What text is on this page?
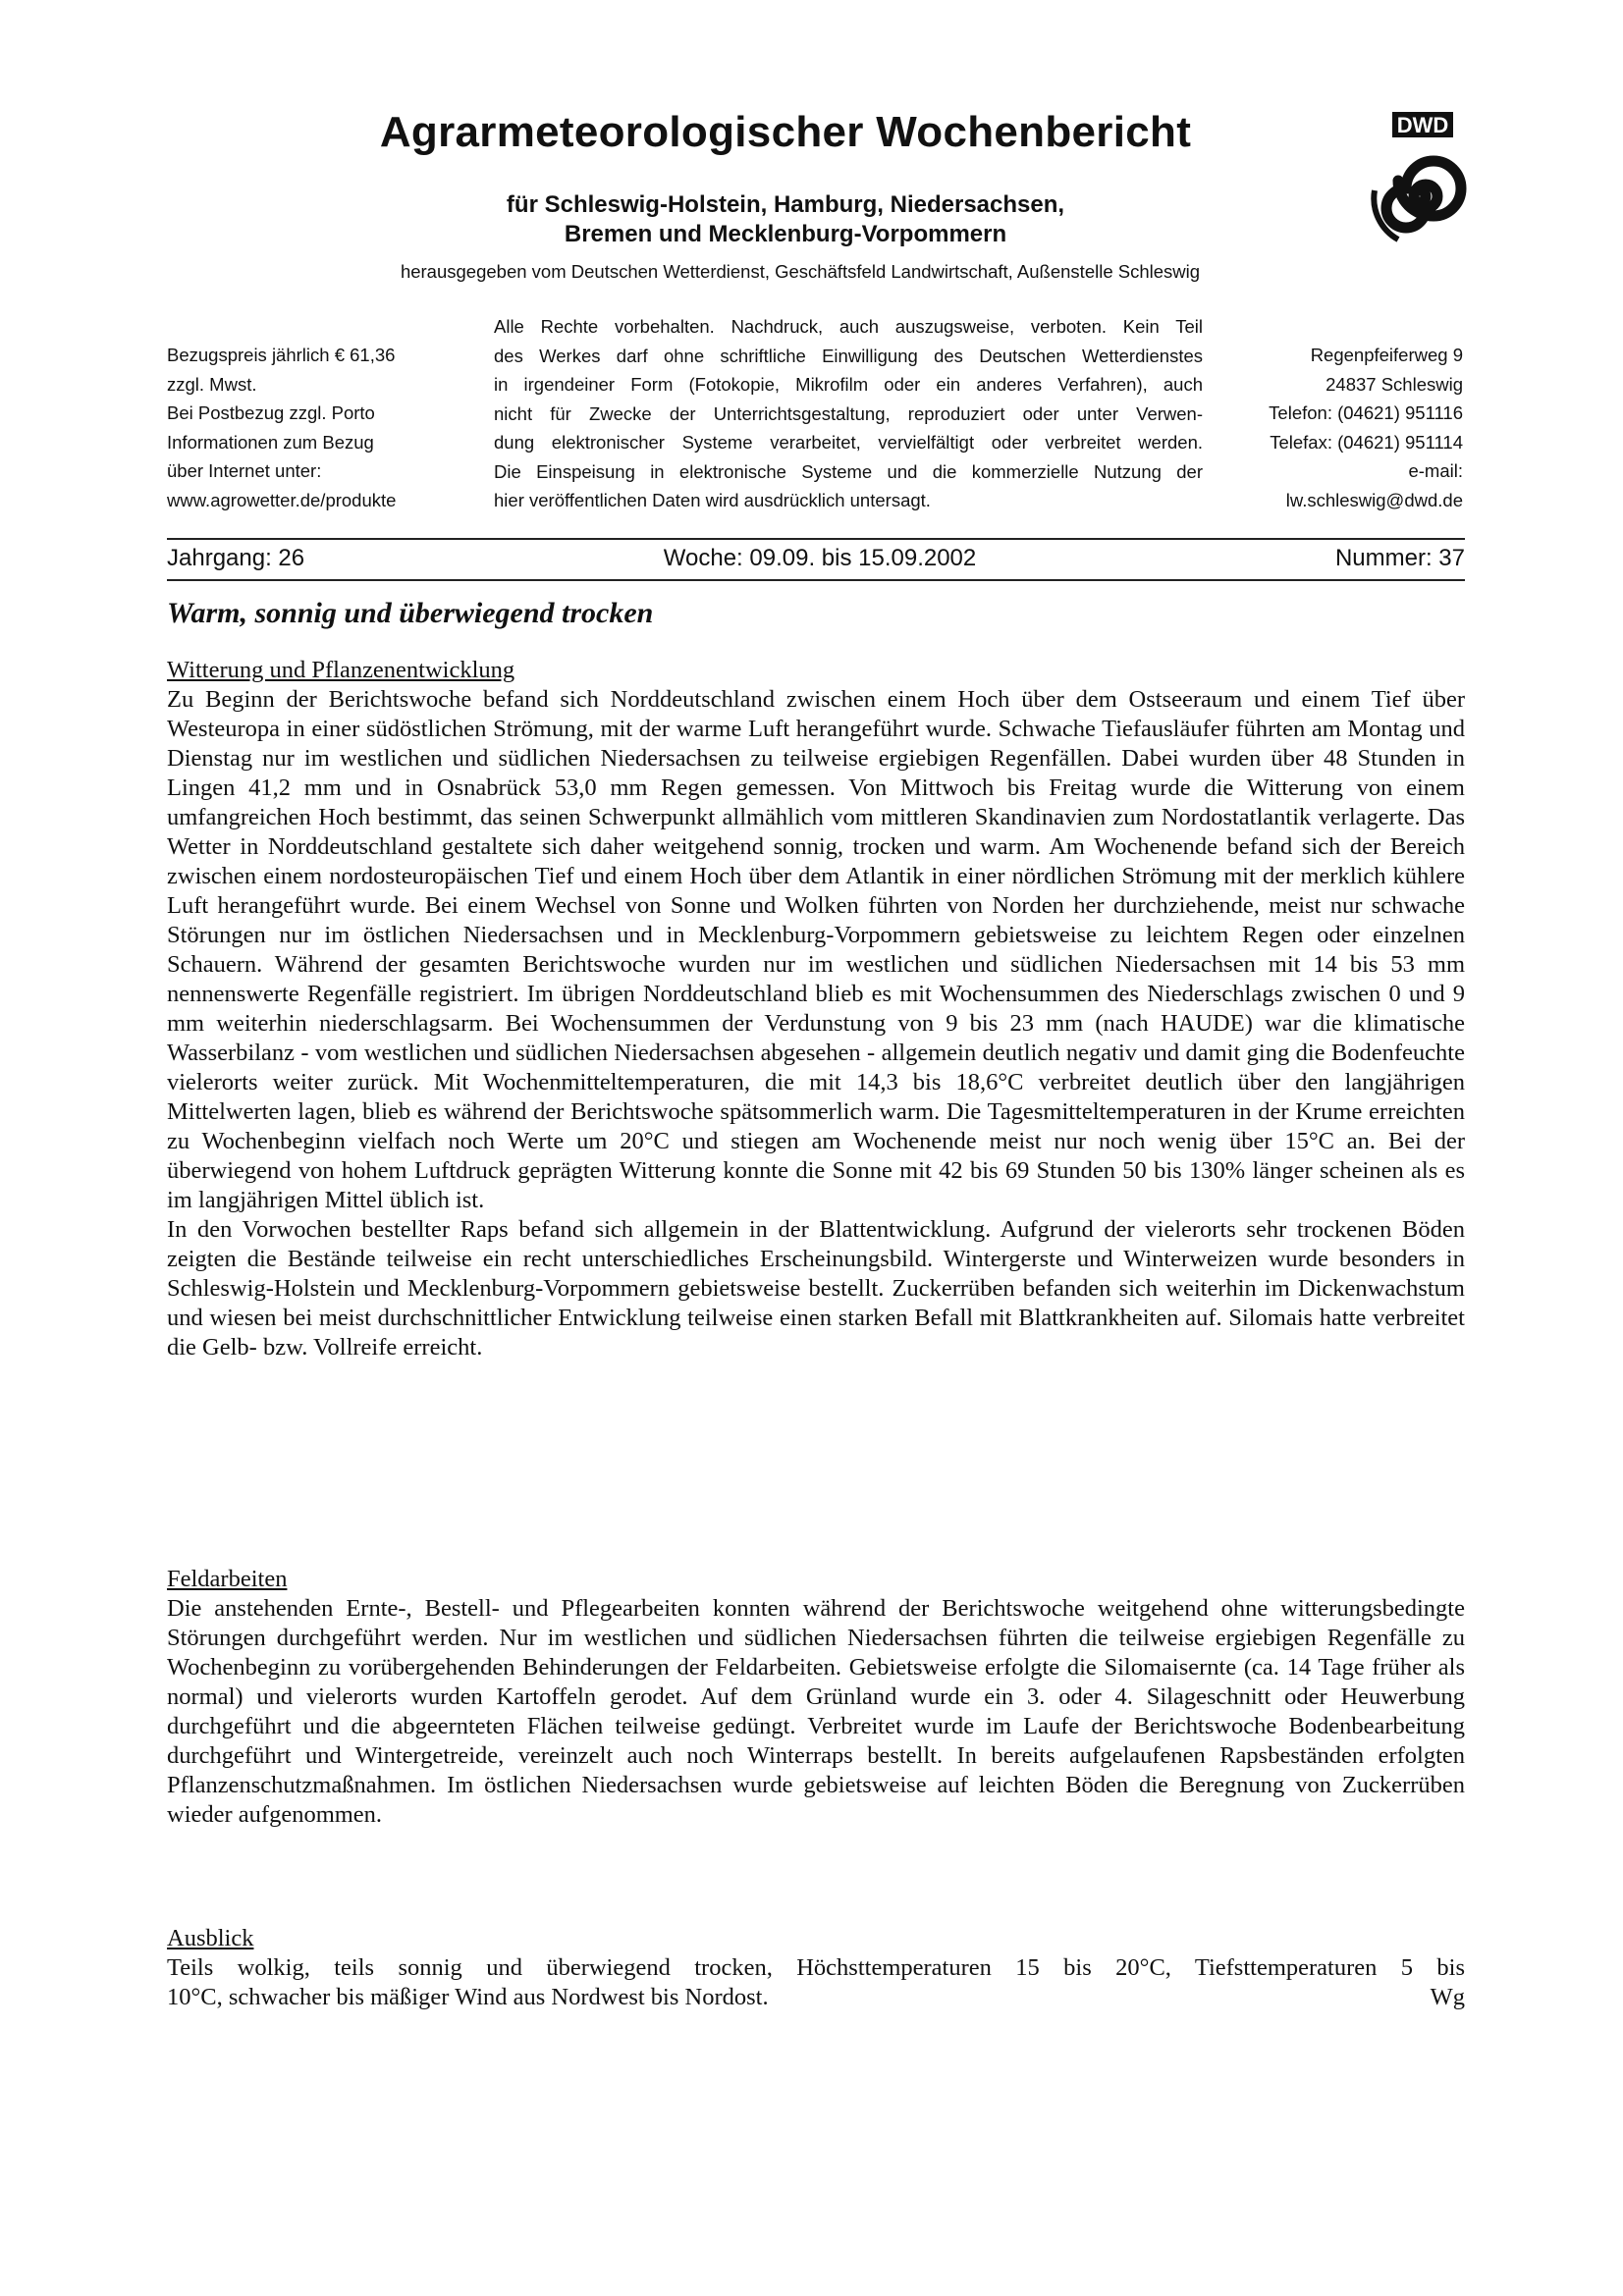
Agrarmeteorologischer Wochenbericht
für Schleswig-Holstein, Hamburg, Niedersachsen,
Bremen und Mecklenburg-Vorpommern
herausgegeben vom Deutschen Wetterdienst, Geschäftsfeld Landwirtschaft, Außenstelle Schleswig
DWD
Bezugspreis jährlich € 61,36
zzgl. Mwst.
Bei Postbezug zzgl. Porto
Informationen zum Bezug
über Internet unter:
www.agrowetter.de/produkte
Alle Rechte vorbehalten. Nachdruck, auch auszugsweise, verboten. Kein Teil
des Werkes darf ohne schriftliche Einwilligung des Deutschen Wetterdienstes
in irgendeiner Form (Fotokopie, Mikrofilm oder ein anderes Verfahren), auch
nicht für Zwecke der Unterrichtsgestaltung, reproduziert oder unter Verwen-
dung elektronischer Systeme verarbeitet, vervielfältigt oder verbreitet werden.
Die Einspeisung in elektronische Systeme und die kommerzielle Nutzung der
hier veröffentlichen Daten wird ausdrücklich untersagt.
Regenpfeiferweg 9
24837 Schleswig
Telefon: (04621) 951116
Telefax: (04621) 951114
e-mail:
lw.schleswig@dwd.de
Jahrgang: 26	Woche: 09.09. bis 15.09.2002	Nummer: 37
Warm, sonnig und überwiegend trocken
Witterung und Pflanzenentwicklung

Zu Beginn der Berichtswoche befand sich Norddeutschland zwischen einem Hoch über dem Ostseeraum und einem Tief über Westeuropa in einer südöstlichen Strömung, mit der warme Luft herangeführt wurde. Schwache Tiefausläufer führten am Montag und Dienstag nur im westlichen und südlichen Niedersachsen zu teilweise ergiebigen Regenfällen. Dabei wurden über 48 Stunden in Lingen 41,2 mm und in Osnabrück 53,0 mm Regen gemessen. Von Mittwoch bis Freitag wurde die Witterung von einem umfangreichen Hoch bestimmt, das seinen Schwerpunkt allmählich vom mittleren Skandinavien zum Nordostatlantik verlagerte. Das Wetter in Norddeutschland gestaltete sich daher weitgehend sonnig, trocken und warm. Am Wochenende befand sich der Bereich zwischen einem nordosteuropäischen Tief und einem Hoch über dem Atlantik in einer nördlichen Strömung mit der merklich kühlere Luft herangeführt wurde. Bei einem Wechsel von Sonne und Wolken führten von Norden her durchziehende, meist nur schwache Störungen nur im östlichen Niedersachsen und in Mecklenburg-Vorpommern gebietsweise zu leichtem Regen oder einzelnen Schauern. Während der gesamten Berichtswoche wurden nur im westlichen und südlichen Niedersachsen mit 14 bis 53 mm nennenswerte Regenfälle registriert. Im übrigen Norddeutschland blieb es mit Wochensummen des Niederschlags zwischen 0 und 9 mm weiterhin niederschlagsarm. Bei Wochensummen der Verdunstung von 9 bis 23 mm (nach HAUDE) war die klimatische Wasserbilanz - vom westlichen und südlichen Niedersachsen abgesehen - allgemein deutlich negativ und damit ging die Bodenfeuchte vielerorts weiter zurück. Mit Wochenmitteltemperaturen, die mit 14,3 bis 18,6°C verbreitet deutlich über den langjährigen Mittelwerten lagen, blieb es während der Berichtswoche spätsommerlich warm. Die Tagesmitteltemperaturen in der Krume erreichten zu Wochenbeginn vielfach noch Werte um 20°C und stiegen am Wochenende meist nur noch wenig über 15°C an. Bei der überwiegend von hohem Luftdruck geprägten Witterung konnte die Sonne mit 42 bis 69 Stunden 50 bis 130% länger scheinen als es im langjährigen Mittel üblich ist.

In den Vorwochen bestellter Raps befand sich allgemein in der Blattentwicklung. Aufgrund der vielerorts sehr trockenen Böden zeigten die Bestände teilweise ein recht unterschiedliches Erscheinungsbild. Wintergerste und Winterweizen wurde besonders in Schleswig-Holstein und Mecklenburg-Vorpommern gebietsweise bestellt. Zuckerrüben befanden sich weiterhin im Dickenwachstum und wiesen bei meist durchschnittlicher Entwicklung teilweise einen starken Befall mit Blattkrankheiten auf. Silomais hatte verbreitet die Gelb- bzw. Vollreife erreicht.

Feldarbeiten

Die anstehenden Ernte-, Bestell- und Pflegearbeiten konnten während der Berichtswoche weitgehend ohne witterungsbedingte Störungen durchgeführt werden. Nur im westlichen und südlichen Niedersachsen führten die teilweise ergiebigen Regenfälle zu Wochenbeginn zu vorübergehenden Behinderungen der Feldarbeiten. Gebietsweise erfolgte die Silomaisernte (ca. 14 Tage früher als normal) und vielerorts wurden Kartoffeln gerodet. Auf dem Grünland wurde ein 3. oder 4. Silageschnitt oder Heuwerbung durchgeführt und die abgeernteten Flächen teilweise gedüngt. Verbreitet wurde im Laufe der Berichtswoche Bodenbearbeitung durchgeführt und Wintergetreide, vereinzelt auch noch Winterraps bestellt. In bereits aufgelaufenen Rapsbeständen erfolgten Pflanzenschutzmaßnahmen. Im östlichen Niedersachsen wurde gebietsweise auf leichten Böden die Beregnung von Zuckerrüben wieder aufgenommen.

Ausblick
Teils wolkig, teils sonnig und überwiegend trocken, Höchsttemperaturen 15 bis 20°C, Tiefsttemperaturen 5 bis
10°C, schwacher bis mäßiger Wind aus Nordwest bis Nordost.	Wg
